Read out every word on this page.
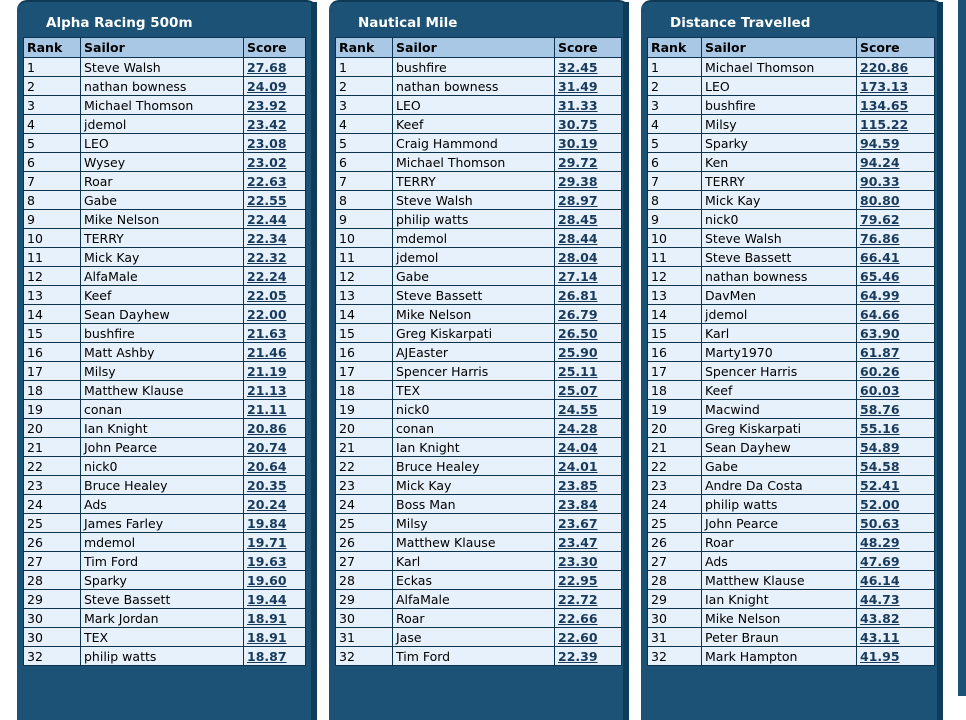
Alpha Racing 500m
Rank	Sailor	Score
1	Steve Walsh	27.68
2	nathan bowness	24.09
3	Michael Thomson	23.92
4	jdemol	23.42
5	LEO	23.08
6	Wysey	23.02
7	Roar	22.63
8	Gabe	22.55
9	Mike Nelson	22.44
10	TERRY	22.34
11	Mick Kay	22.32
12	AlfaMale	22.24
13	Keef	22.05
14	Sean Dayhew	22.00
15	bushfire	21.63
16	Matt Ashby	21.46
17	Milsy	21.19
18	Matthew Klause	21.13
19	conan	21.11
20	Ian Knight	20.86
21	John Pearce	20.74
22	nick0	20.64
23	Bruce Healey	20.35
24	Ads	20.24
25	James Farley	19.84
26	mdemol	19.71
27	Tim Ford	19.63
28	Sparky	19.60
29	Steve Bassett	19.44
30	Mark Jordan	18.91
30	TEX	18.91
32	philip watts	18.87
Nautical Mile
Rank	Sailor	Score
1	bushfire	32.45
2	nathan bowness	31.49
3	LEO	31.33
4	Keef	30.75
5	Craig Hammond	30.19
6	Michael Thomson	29.72
7	TERRY	29.38
8	Steve Walsh	28.97
9	philip watts	28.45
10	mdemol	28.44
11	jdemol	28.04
12	Gabe	27.14
13	Steve Bassett	26.81
14	Mike Nelson	26.79
15	Greg Kiskarpati	26.50
16	AJEaster	25.90
17	Spencer Harris	25.11
18	TEX	25.07
19	nick0	24.55
20	conan	24.28
21	Ian Knight	24.04
22	Bruce Healey	24.01
23	Mick Kay	23.85
24	Boss Man	23.84
25	Milsy	23.67
26	Matthew Klause	23.47
27	Karl	23.30
28	Eckas	22.95
29	AlfaMale	22.72
30	Roar	22.66
31	Jase	22.60
32	Tim Ford	22.39
Distance Travelled
Rank	Sailor	Score
1	Michael Thomson	220.86
2	LEO	173.13
3	bushfire	134.65
4	Milsy	115.22
5	Sparky	94.59
6	Ken	94.24
7	TERRY	90.33
8	Mick Kay	80.80
9	nick0	79.62
10	Steve Walsh	76.86
11	Steve Bassett	66.41
12	nathan bowness	65.46
13	DavMen	64.99
14	jdemol	64.66
15	Karl	63.90
16	Marty1970	61.87
17	Spencer Harris	60.26
18	Keef	60.03
19	Macwind	58.76
20	Greg Kiskarpati	55.16
21	Sean Dayhew	54.89
22	Gabe	54.58
23	Andre Da Costa	52.41
24	philip watts	52.00
25	John Pearce	50.63
26	Roar	48.29
27	Ads	47.69
28	Matthew Klause	46.14
29	Ian Knight	44.73
30	Mike Nelson	43.82
31	Peter Braun	43.11
32	Mark Hampton	41.95
